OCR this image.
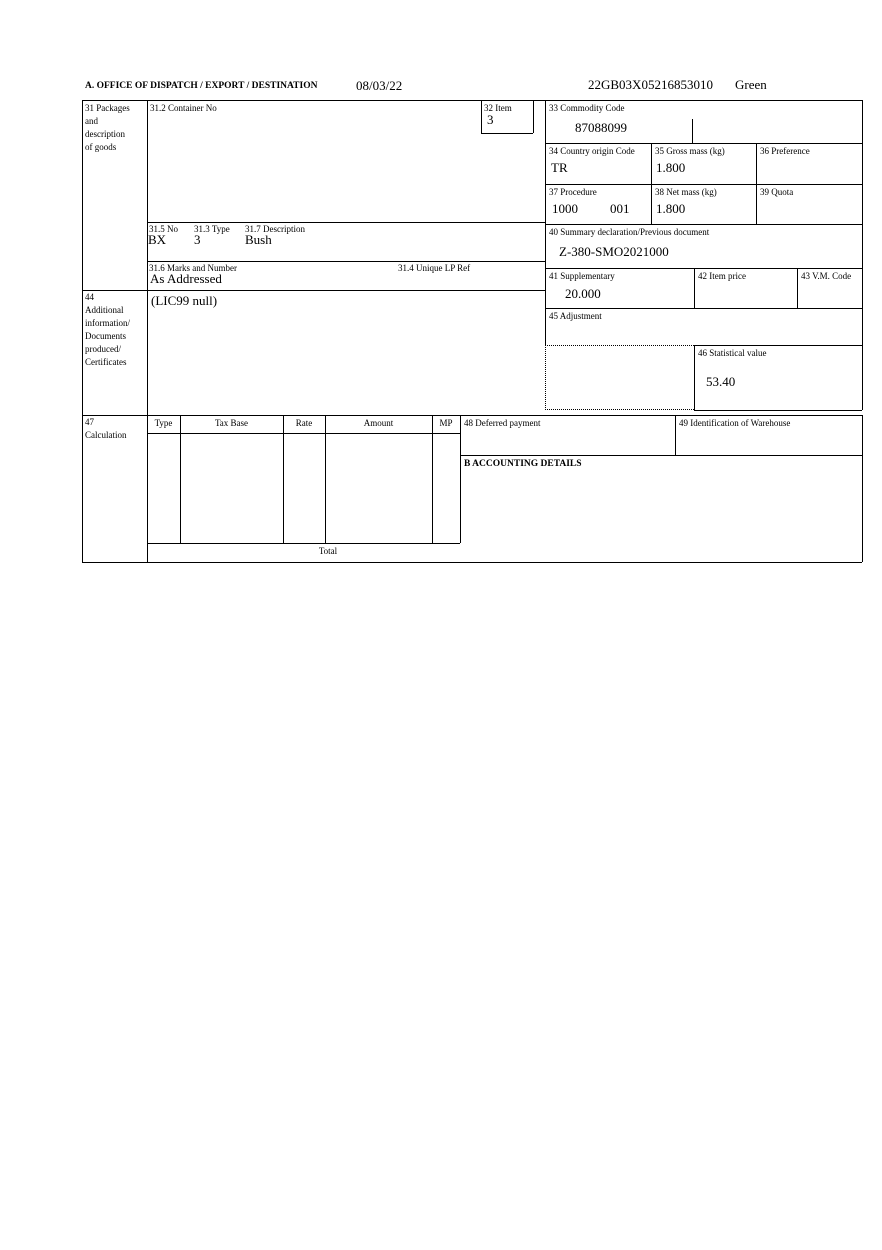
A. OFFICE OF DISPATCH / EXPORT / DESTINATION	08/03/22	22GB03X05216853010 Green
31 Packages
and
description
of goods
44
Additional
information/
Documents
produced/
Certificates
47
Calculation
31.2 Container No	32 Item
3
31.5 No 31.3 Type 31.7 Description
BX 3	Bush
31.6 Marks and Number	31.4 Unique LP Ref
As Addressed
(LIC99 null)
33 Commodity Code
87088099
34 Country origin Code
TR
35 Gross mass (kg)
1.800
36 Preference
37 Procedure
1000 001
38 Net mass (kg)
1.800
39 Quota
40 Summary declaration/Previous document
Z-380-SMO2021000
41 Supplementary
20.000
42 Item price	43 V.M. Code
45 Adjustment
46 Statistical value
53.40
Type	Tax Base	Rate	Amount	MP	48 Deferred payment	49 Identification of Warehouse
B ACCOUNTING DETAILS
Total
